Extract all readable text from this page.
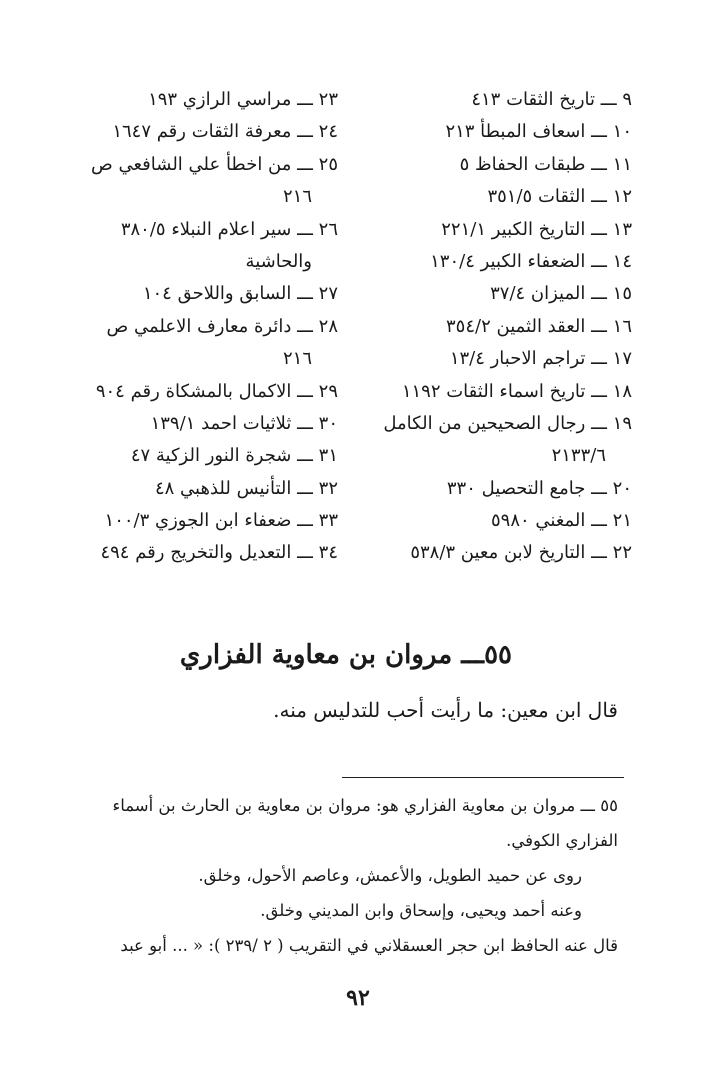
٩ ـــ تاريخ الثقات ٤١٣
١٠ ـــ اسعاف المبطأ ٢١٣
١١ ـــ طبقات الحفاظ ٥
١٢ ـــ الثقات ٣٥١/٥
١٣ ـــ التاريخ الكبير ٢٢١/١
١٤ ـــ الضعفاء الكبير ١٣٠/٤
١٥ ـــ الميزان ٣٧/٤
١٦ ـــ العقد الثمين ٣٥٤/٢
١٧ ـــ تراجم الاحبار ١٣/٤
١٨ ـــ تاريخ اسماء الثقات ١١٩٢
١٩ ـــ رجال الصحيحين من الكامل
٢١٣٣/٦
٢٠ ـــ جامع التحصيل ٣٣٠
٢١ ـــ المغني ٥٩٨٠
٢٢ ـــ التاريخ لابن معين ٥٣٨/٣
٢٣ ـــ مراسي الرازي ١٩٣
٢٤ ـــ معرفة الثقات رقم ١٦٤٧
٢٥ ـــ من اخطأ علي الشافعي ص
٢١٦
٢٦ ـــ سير اعلام النبلاء ٣٨٠/٥
والحاشية
٢٧ ـــ السابق واللاحق ١٠٤
٢٨ ـــ دائرة معارف الاعلمي ص
٢١٦
٢٩ ـــ الاكمال بالمشكاة رقم ٩٠٤
٣٠ ـــ ثلاثيات احمد ١٣٩/١
٣١ ـــ شجرة النور الزكية ٤٧
٣٢ ـــ التأنيس للذهبي ٤٨
٣٣ ـــ ضعفاء ابن الجوزي ١٠٠/٣
٣٤ ـــ التعديل والتخريج رقم ٤٩٤
٥٥ـــ مروان بن معاوية الفزاري
قال ابن معين: ما رأيت أحب للتدليس منه.
٥٥ ـــ مروان بن معاوية الفزاري هو: مروان بن معاوية بن الحارث بن أسماء
الفزاري الكوفي.
روى عن حميد الطويل، والأعمش، وعاصم الأحول، وخلق.
وعنه أحمد ويحيى، وإسحاق وابن المديني وخلق.
قال عنه الحافظ ابن حجر العسقلاني في التقريب ( ٢ /٢٣٩ ): « ... أبو عبد
٩٢
